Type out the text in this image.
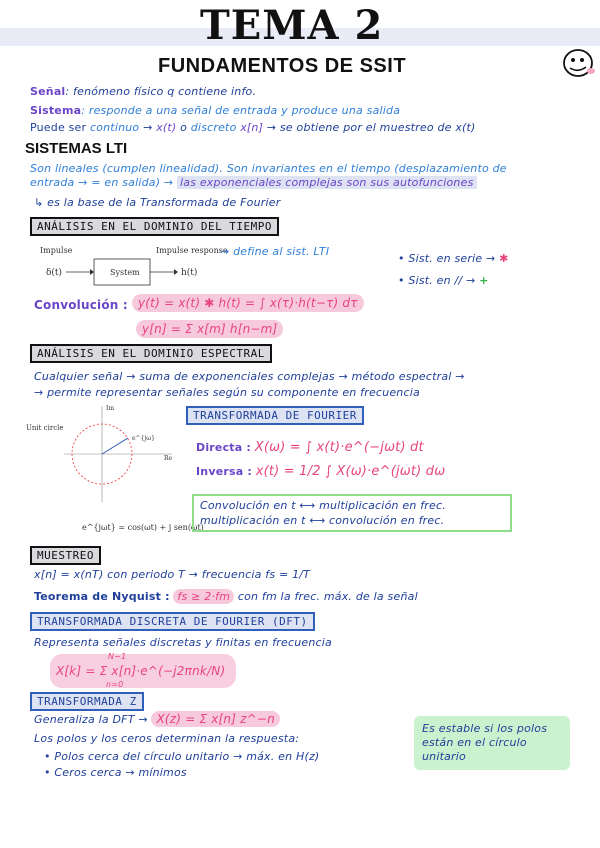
TEMA 2
FUNDAMENTOS DE SSIT
Señal: fenómeno físico q contiene info.
Sistema: responde a una señal de entrada y produce una salida
Puede ser continuo → x(t) o discreto x[n] → se obtiene por el muestreo de x(t)
SISTEMAS LTI
Son lineales (cumplen linealidad). Son invariantes en el tiempo (desplazamiento de
entrada → = en salida) → las exponenciales complejas son sus autofunciones
↳ es la base de la Transformada de Fourier
ANÁLISIS EN EL DOMINIO DEL TIEMPO
Impulse	Impulse response
δ(t)	System	h(t)
→ define al sist. LTI
• Sist. en serie → ✱
• Sist. en // → +
Convolución : y(t) = x(t) ✱ h(t) = ∫ x(τ)·h(t−τ) dτ
y[n] = Σ x[m] h[n−m]
ANÁLISIS EN EL DOMINIO ESPECTRAL
Cualquier señal → suma de exponenciales complejas → método espectral →
→ permite representar señales según su componente en frecuencia
Unit circle
e^{jω}
Re
Im
e^{jωt} = cos(ωt) + j sen(ωt)
TRANSFORMADA DE FOURIER
Directa : X(ω) = ∫ x(t)·e^(−jωt) dt
Inversa : x(t) = 1/2 ∫ X(ω)·e^(jωt) dω
Convolución en t ⟷ multiplicación en frec.
multiplicación en t ⟷ convolución en frec.
MUESTREO
x[n] = x(nT) con periodo T → frecuencia fs = 1/T
Teorema de Nyquist : fs ≥ 2·fm con fm la frec. máx. de la señal
TRANSFORMADA DISCRETA DE FOURIER (DFT)
Representa señales discretas y finitas en frecuencia
N−1
X[k] = Σ x[n]·e^(−j2πnk/N)
n=0
TRANSFORMADA Z
Generaliza la DFT → X(z) = Σ x[n] z^−n
Los polos y los ceros determinan la respuesta:
• Polos cerca del círculo unitario → máx. en H(z)
• Ceros cerca → mínimos
Es estable si los polos están en el círculo unitario
